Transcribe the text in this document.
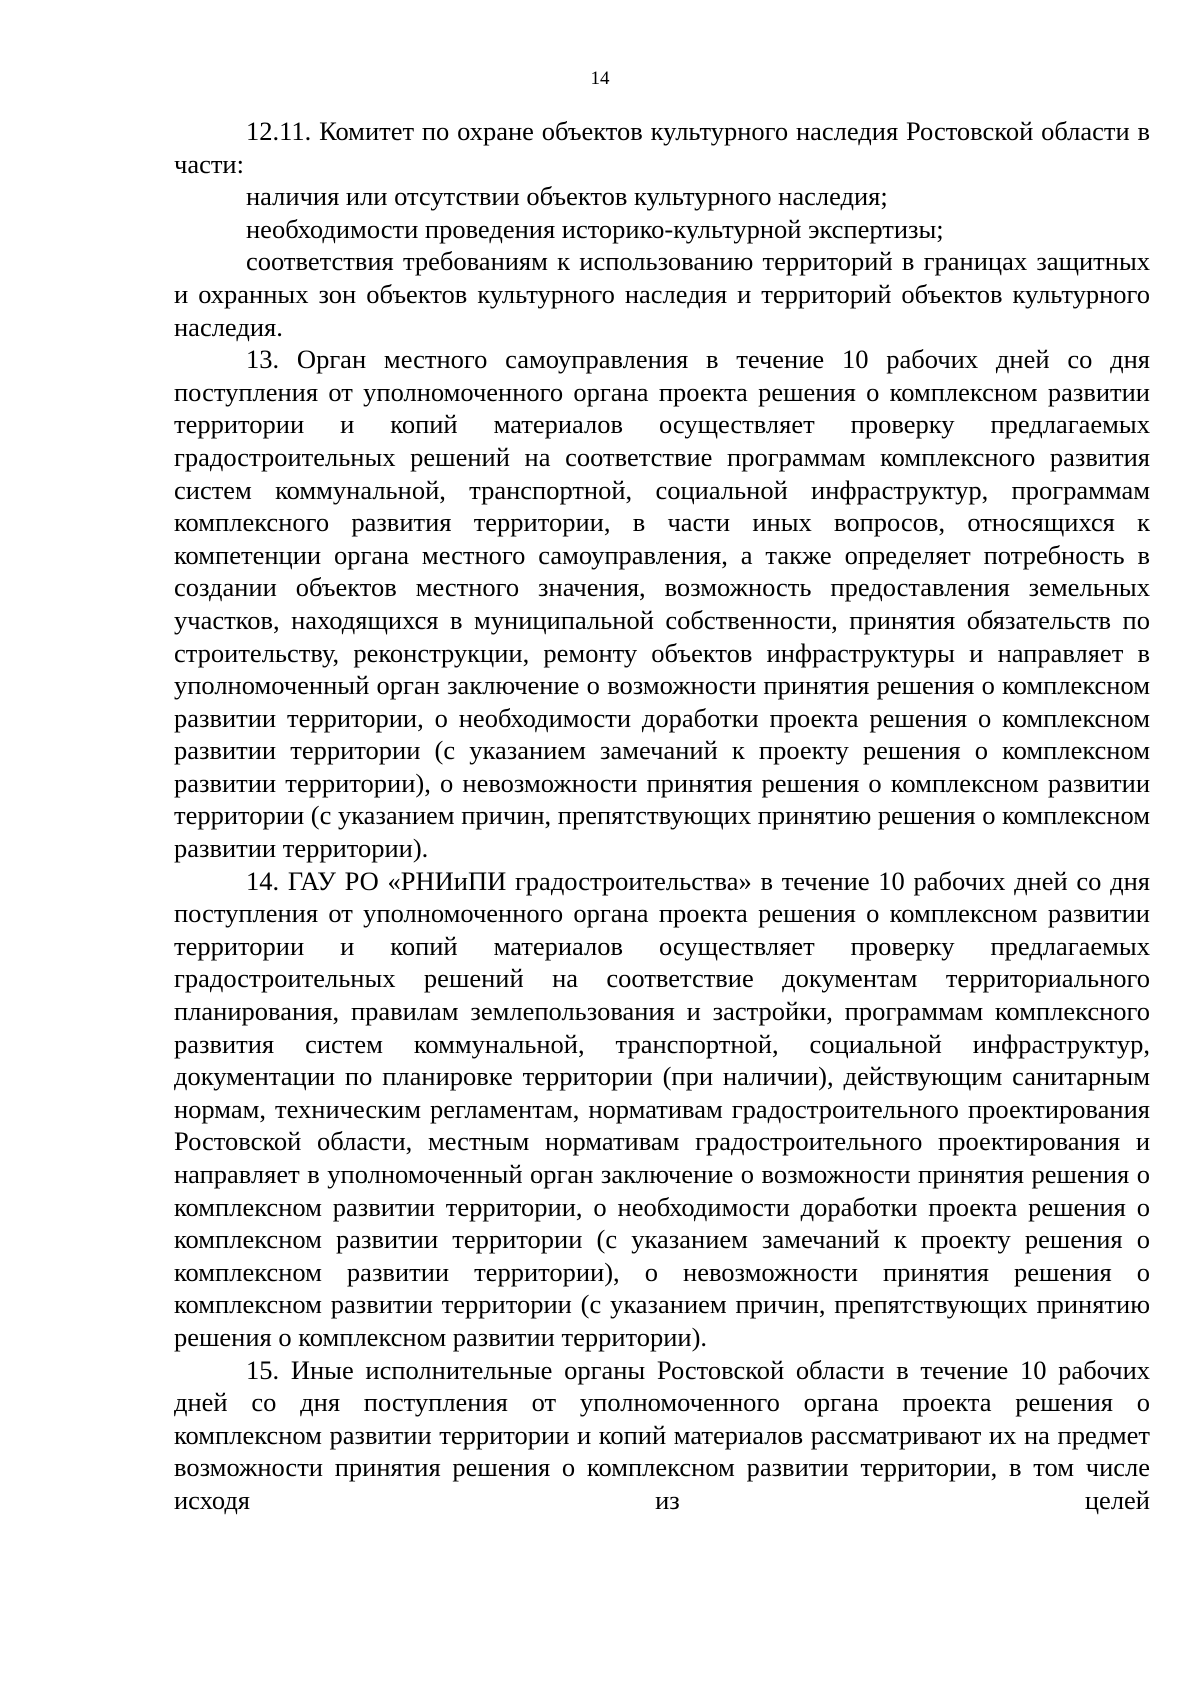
14

12.11. Комитет по охране объектов культурного наследия Ростовской области в части:

наличия или отсутствии объектов культурного наследия;

необходимости проведения историко-культурной экспертизы;

соответствия требованиям к использованию территорий в границах защитных и охранных зон объектов культурного наследия и территорий объектов культурного наследия.

13. Орган местного самоуправления в течение 10 рабочих дней со дня поступления от уполномоченного органа проекта решения о комплексном развитии территории и копий материалов осуществляет проверку предлагаемых градостроительных решений на соответствие программам комплексного развития систем коммунальной, транспортной, социальной инфраструктур, программам комплексного развития территории, в части иных вопросов, относящихся к компетенции органа местного самоуправления, а также определяет потребность в создании объектов местного значения, возможность предоставления земельных участков, находящихся в муниципальной собственности, принятия обязательств по строительству, реконструкции, ремонту объектов инфраструктуры и направляет в уполномоченный орган заключение о возможности принятия решения о комплексном развитии территории, о необходимости доработки проекта решения о комплексном развитии территории (с указанием замечаний к проекту решения о комплексном развитии территории), о невозможности принятия решения о комплексном развитии территории (с указанием причин, препятствующих принятию решения о комплексном развитии территории).

14. ГАУ РО «РНИиПИ градостроительства» в течение 10 рабочих дней со дня поступления от уполномоченного органа проекта решения о комплексном развитии территории и копий материалов осуществляет проверку предлагаемых градостроительных решений на соответствие документам территориального планирования, правилам землепользования и застройки, программам комплексного развития систем коммунальной, транспортной, социальной инфраструктур, документации по планировке территории (при наличии), действующим санитарным нормам, техническим регламентам, нормативам градостроительного проектирования Ростовской области, местным нормативам градостроительного проектирования и направляет в уполномоченный орган заключение о возможности принятия решения о комплексном развитии территории, о необходимости доработки проекта решения о комплексном развитии территории (с указанием замечаний к проекту решения о комплексном развитии территории), о невозможности принятия решения о комплексном развитии территории (с указанием причин, препятствующих принятию решения о комплексном развитии территории).

15. Иные исполнительные органы Ростовской области в течение 10 рабочих дней со дня поступления от уполномоченного органа проекта решения о комплексном развитии территории и копий материалов рассматривают их на предмет возможности принятия решения о комплексном развитии территории, в том числе исходя из целей
